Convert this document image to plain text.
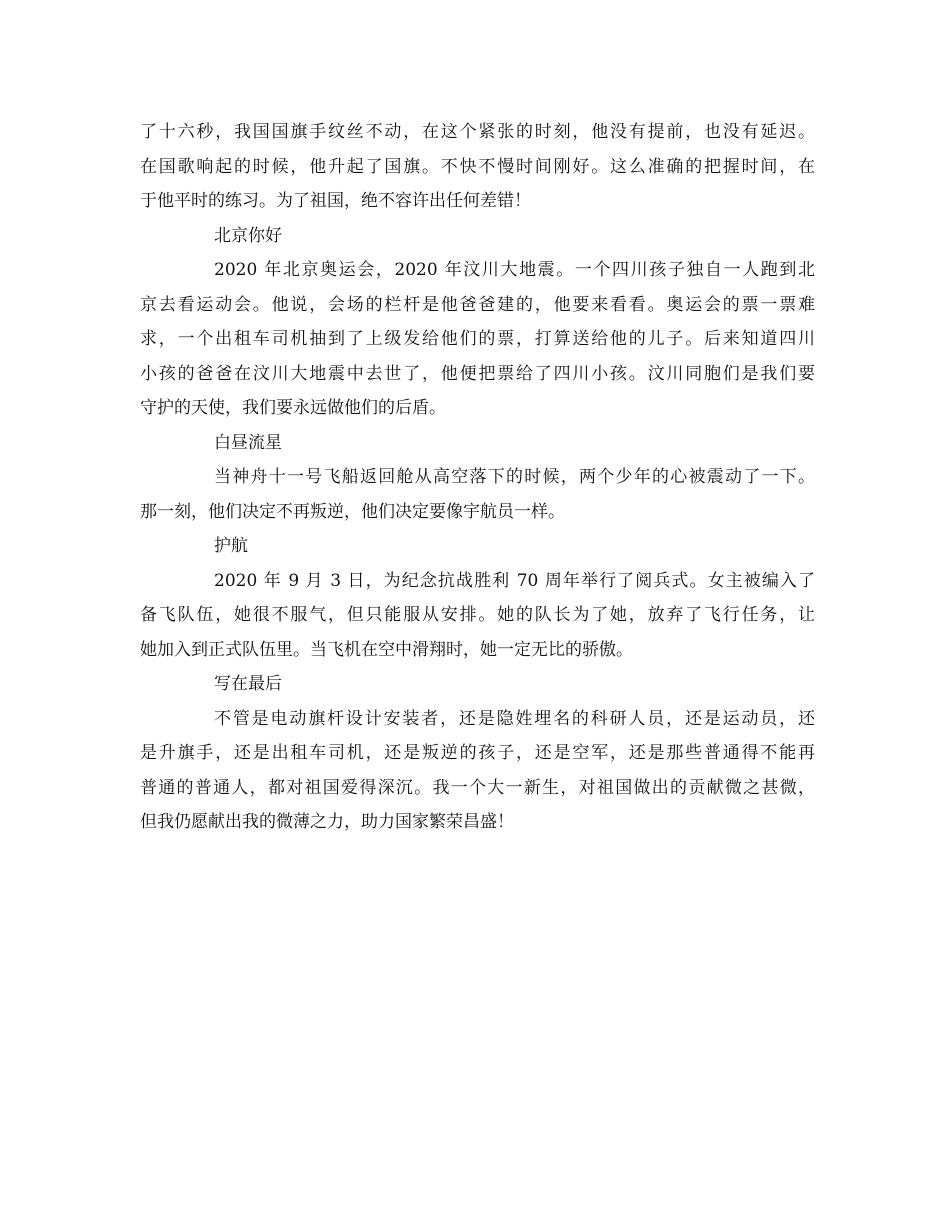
了十六秒，我国国旗手纹丝不动，在这个紧张的时刻，他没有提前，也没有延迟。
在国歌响起的时候，他升起了国旗。不快不慢时间刚好。这么准确的把握时间，在
于他平时的练习。为了祖国，绝不容许出任何差错！
北京你好
2020 年北京奥运会，2020 年汶川大地震。一个四川孩子独自一人跑到北
京去看运动会。他说，会场的栏杆是他爸爸建的，他要来看看。奥运会的票一票难
求，一个出租车司机抽到了上级发给他们的票，打算送给他的儿子。后来知道四川
小孩的爸爸在汶川大地震中去世了，他便把票给了四川小孩。汶川同胞们是我们要
守护的天使，我们要永远做他们的后盾。
白昼流星
当神舟十一号飞船返回舱从高空落下的时候，两个少年的心被震动了一下。
那一刻，他们决定不再叛逆，他们决定要像宇航员一样。
护航
2020 年 9 月 3 日，为纪念抗战胜利 70 周年举行了阅兵式。女主被编入了
备飞队伍，她很不服气，但只能服从安排。她的队长为了她，放弃了飞行任务，让
她加入到正式队伍里。当飞机在空中滑翔时，她一定无比的骄傲。
写在最后
不管是电动旗杆设计安装者，还是隐姓埋名的科研人员，还是运动员，还
是升旗手，还是出租车司机，还是叛逆的孩子，还是空军，还是那些普通得不能再
普通的普通人，都对祖国爱得深沉。我一个大一新生，对祖国做出的贡献微之甚微，
但我仍愿献出我的微薄之力，助力国家繁荣昌盛！
